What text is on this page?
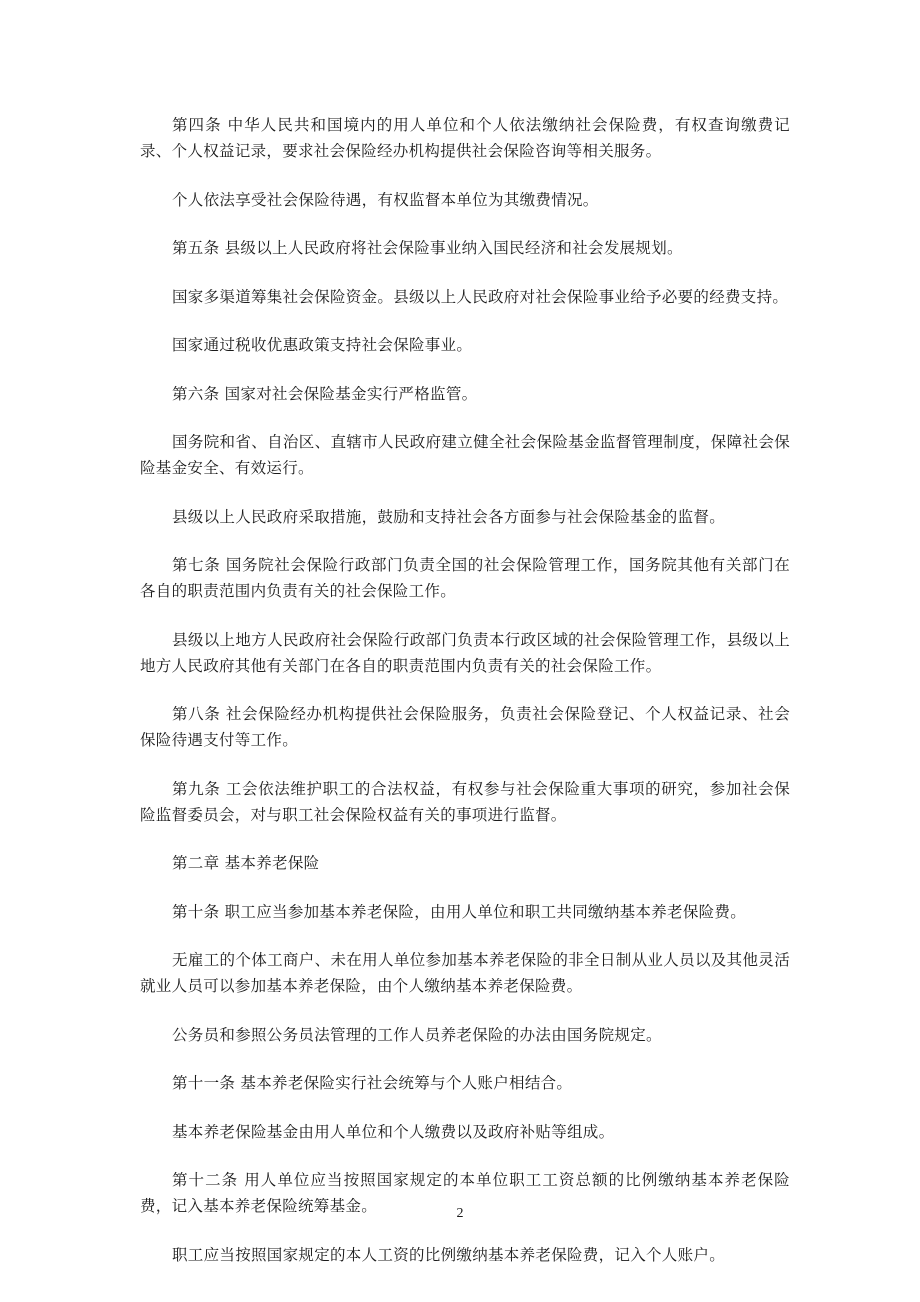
第四条 中华人民共和国境内的用人单位和个人依法缴纳社会保险费，有权查询缴费记录、个人权益记录，要求社会保险经办机构提供社会保险咨询等相关服务。

个人依法享受社会保险待遇，有权监督本单位为其缴费情况。

第五条 县级以上人民政府将社会保险事业纳入国民经济和社会发展规划。

国家多渠道筹集社会保险资金。县级以上人民政府对社会保险事业给予必要的经费支持。

国家通过税收优惠政策支持社会保险事业。

第六条 国家对社会保险基金实行严格监管。

国务院和省、自治区、直辖市人民政府建立健全社会保险基金监督管理制度，保障社会保险基金安全、有效运行。

县级以上人民政府采取措施，鼓励和支持社会各方面参与社会保险基金的监督。

第七条 国务院社会保险行政部门负责全国的社会保险管理工作，国务院其他有关部门在各自的职责范围内负责有关的社会保险工作。

县级以上地方人民政府社会保险行政部门负责本行政区域的社会保险管理工作，县级以上地方人民政府其他有关部门在各自的职责范围内负责有关的社会保险工作。

第八条 社会保险经办机构提供社会保险服务，负责社会保险登记、个人权益记录、社会保险待遇支付等工作。

第九条 工会依法维护职工的合法权益，有权参与社会保险重大事项的研究，参加社会保险监督委员会，对与职工社会保险权益有关的事项进行监督。

第二章 基本养老保险

第十条 职工应当参加基本养老保险，由用人单位和职工共同缴纳基本养老保险费。

无雇工的个体工商户、未在用人单位参加基本养老保险的非全日制从业人员以及其他灵活就业人员可以参加基本养老保险，由个人缴纳基本养老保险费。

公务员和参照公务员法管理的工作人员养老保险的办法由国务院规定。

第十一条 基本养老保险实行社会统筹与个人账户相结合。

基本养老保险基金由用人单位和个人缴费以及政府补贴等组成。

第十二条 用人单位应当按照国家规定的本单位职工工资总额的比例缴纳基本养老保险费，记入基本养老保险统筹基金。

职工应当按照国家规定的本人工资的比例缴纳基本养老保险费，记入个人账户。

2
